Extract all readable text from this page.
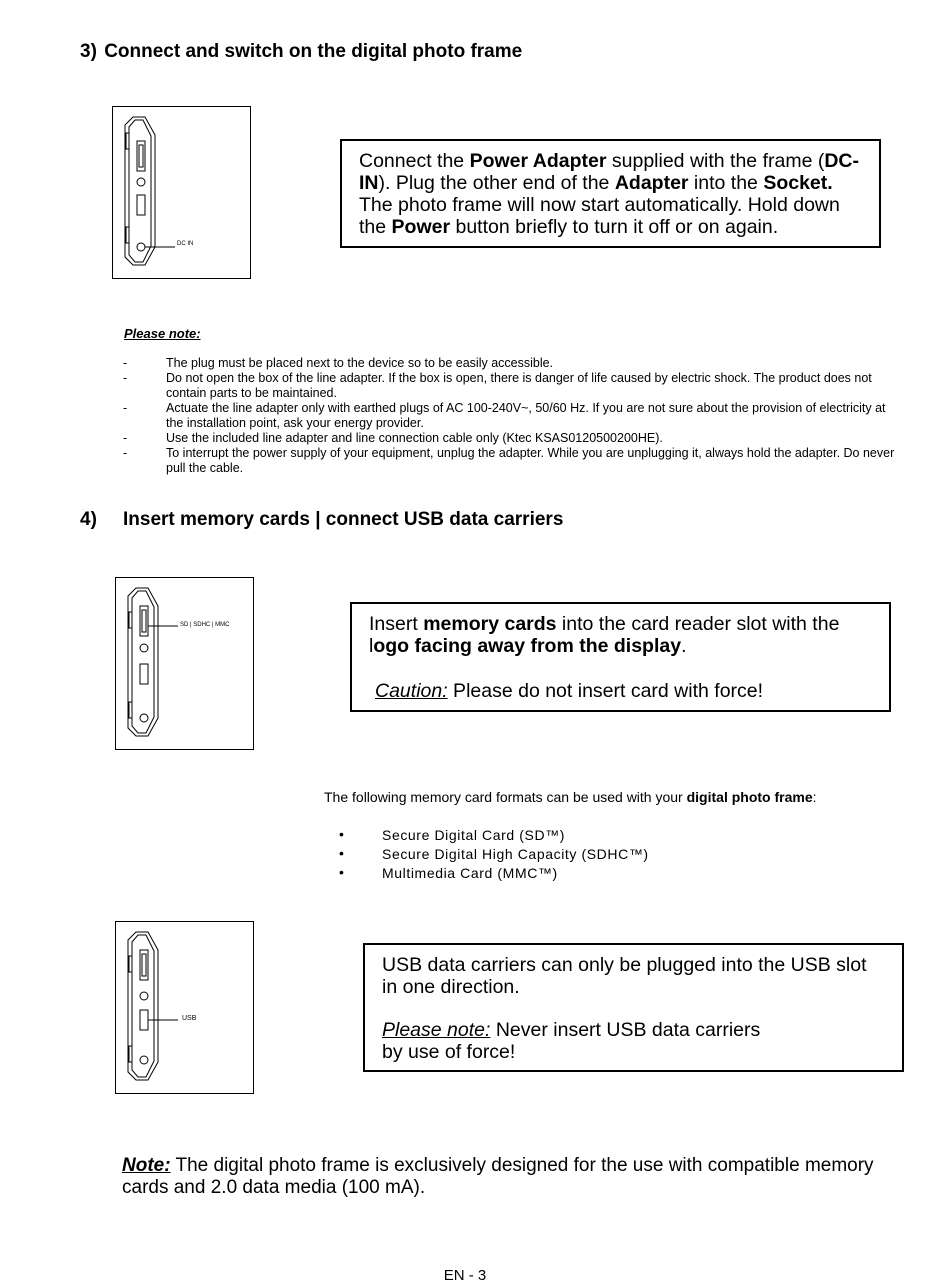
3) Connect and switch on the digital photo frame
DC IN
Connect the Power Adapter supplied with the frame (DC-IN). Plug the other end of the Adapter into the Socket. The photo frame will now start automatically. Hold down the Power button briefly to turn it off or on again.
Please note:
-	The plug must be placed next to the device so to be easily accessible.
-	Do not open the box of the line adapter. If the box is open, there is danger of life caused by electric shock. The product does not contain parts to be maintained.
-	Actuate the line adapter only with earthed plugs of AC 100-240V~, 50/60 Hz. If you are not sure about the provision of electricity at the installation point, ask your energy provider.
-	Use the included line adapter and line connection cable only (Ktec KSAS0120500200HE).
-	To interrupt the power supply of your equipment, unplug the adapter. While you are unplugging it, always hold the adapter. Do never pull the cable.
4) Insert memory cards | connect USB data carriers
SD | SDHC | MMC	Insert memory cards into the card reader slot with the logo facing away from the display.
Caution: Please do not insert card with force!
The following memory card formats can be used with your digital photo frame:
•	Secure Digital Card (SD™)
•	Secure Digital High Capacity (SDHC™)
•	Multimedia Card (MMC™)
USB
USB data carriers can only be plugged into the USB slot in one direction.
Please note: Never insert USB data carriers
by use of force!
Note: The digital photo frame is exclusively designed for the use with compatible memory cards and 2.0 data media (100 mA).
EN - 3
